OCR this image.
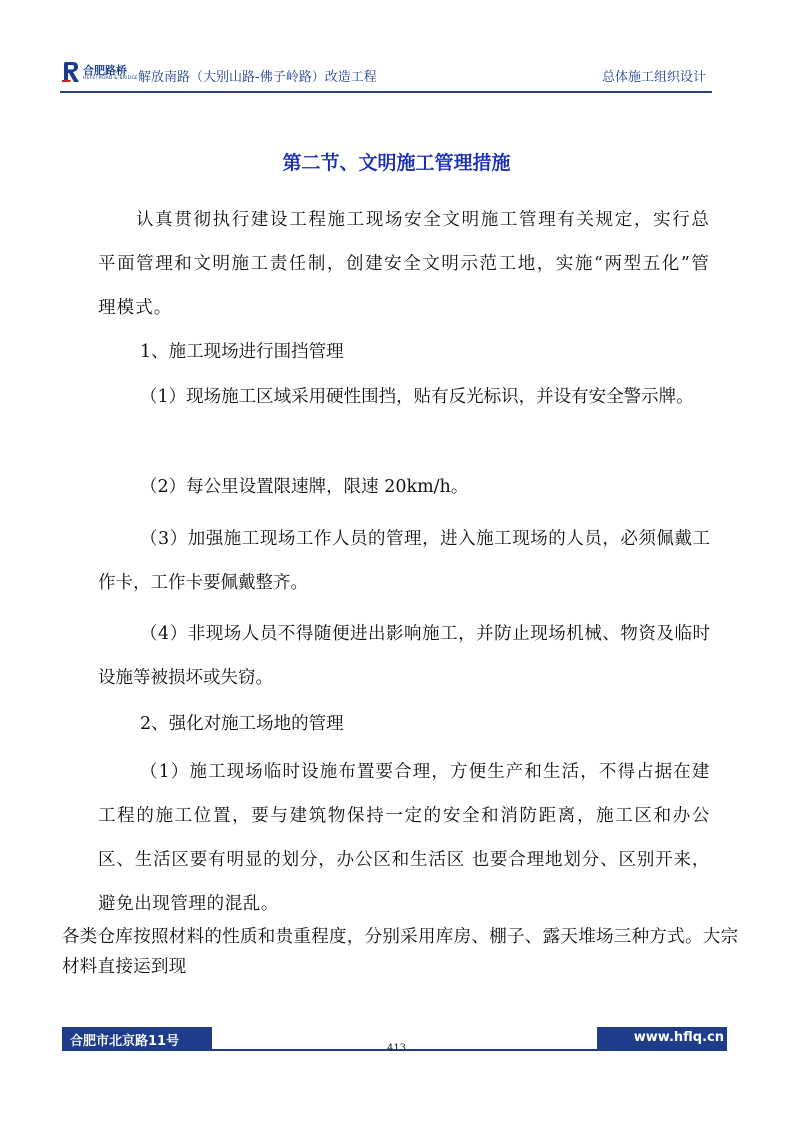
合肥路桥
HEFEI ROAD & BRIDGE 解放南路（大别山路-佛子岭路）改造工程	总体施工组织设计
第二节、文明施工管理措施

认真贯彻执行建设工程施工现场安全文明施工管理有关规定，实行总平面管理和文明施工责任制，创建安全文明示范工地，实施“两型五化”管理模式。

1、施工现场进行围挡管理

（1）现场施工区域采用硬性围挡，贴有反光标识，并设有安全警示牌。

（2）每公里设置限速牌，限速 20km/h。

（3）加强施工现场工作人员的管理，进入施工现场的人员，必须佩戴工作卡，工作卡要佩戴整齐。

（4）非现场人员不得随便进出影响施工，并防止现场机械、物资及临时设施等被损坏或失窃。

2、强化对施工场地的管理

（1）施工现场临时设施布置要合理，方便生产和生活，不得占据在建工程的施工位置，要与建筑物保持一定的安全和消防距离，施工区和办公区、生活区要有明显的划分，办公区和生活区 也要合理地划分、区别开来，避免出现管理的混乱。

各类仓库按照材料的性质和贵重程度，分别采用库房、棚子、露天堆场三种方式。大宗材料直接运到现

合肥市北京路11号	www.hflq.cn
413
